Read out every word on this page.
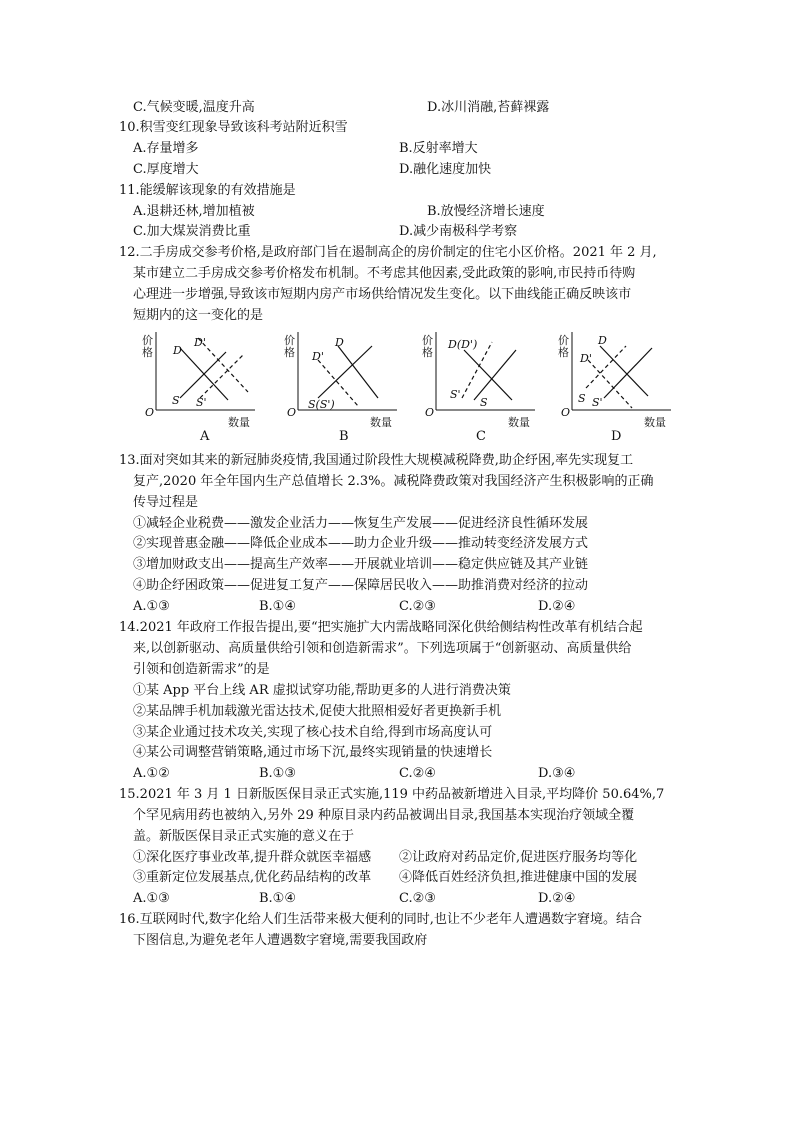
C.气候变暖,温度升高	D.冰川消融,苔藓裸露
10.积雪变红现象导致该科考站附近积雪
A.存量增多	B.反射率增大
C.厚度增大	D.融化速度加快
11.能缓解该现象的有效措施是
A.退耕还林,增加植被	B.放慢经济增长速度
C.加大煤炭消费比重	D.减少南极科学考察
12.二手房成交参考价格,是政府部门旨在遏制高企的房价制定的住宅小区价格。2021 年 2 月,
某市建立二手房成交参考价格发布机制。不考虑其他因素,受此政策的影响,市民持币待购
心理进一步增强,导致该市短期内房产市场供给情况发生变化。以下曲线能正确反映该市
短期内的这一变化的是
价
O
数量
D'
D
S S'
格
A
价
O
数量
D
D'
S(S')
格
B
价
O
数量
D(D')
S'
S
格
C
价
O
数量
D
D'
S S'
格
D
13.面对突如其来的新冠肺炎疫情,我国通过阶段性大规模减税降费,助企纾困,率先实现复工
复产,2020 年全年国内生产总值增长 2.3%。减税降费政策对我国经济产生积极影响的正确
传导过程是
①减轻企业税费——激发企业活力——恢复生产发展——促进经济良性循环发展
②实现普惠金融——降低企业成本——助力企业升级——推动转变经济发展方式
③增加财政支出——提高生产效率——开展就业培训——稳定供应链及其产业链
④助企纾困政策——促进复工复产——保障居民收入——助推消费对经济的拉动
A.①③	B.①④	C.②③	D.②④
14.2021 年政府工作报告提出,要“把实施扩大内需战略同深化供给侧结构性改革有机结合起
来,以创新驱动、高质量供给引领和创造新需求”。下列选项属于“创新驱动、高质量供给
引领和创造新需求”的是
①某 App 平台上线 AR 虚拟试穿功能,帮助更多的人进行消费决策
②某品牌手机加载激光雷达技术,促使大批照相爱好者更换新手机
③某企业通过技术攻关,实现了核心技术自给,得到市场高度认可
④某公司调整营销策略,通过市场下沉,最终实现销量的快速增长
A.①②	B.①③	C.②④	D.③④
15.2021 年 3 月 1 日新版医保目录正式实施,119 中药品被新增进入目录,平均降价 50.64%,7
个罕见病用药也被纳入,另外 29 种原目录内药品被调出目录,我国基本实现治疗领域全覆
盖。新版医保目录正式实施的意义在于
①深化医疗事业改革,提升群众就医幸福感 ②让政府对药品定价,促进医疗服务均等化
③重新定位发展基点,优化药品结构的改革 ④降低百姓经济负担,推进健康中国的发展
A.①③	B.①④	C.②③	D.②④
16.互联网时代,数字化给人们生活带来极大便利的同时,也让不少老年人遭遇数字窘境。结合
下图信息,为避免老年人遭遇数字窘境,需要我国政府
